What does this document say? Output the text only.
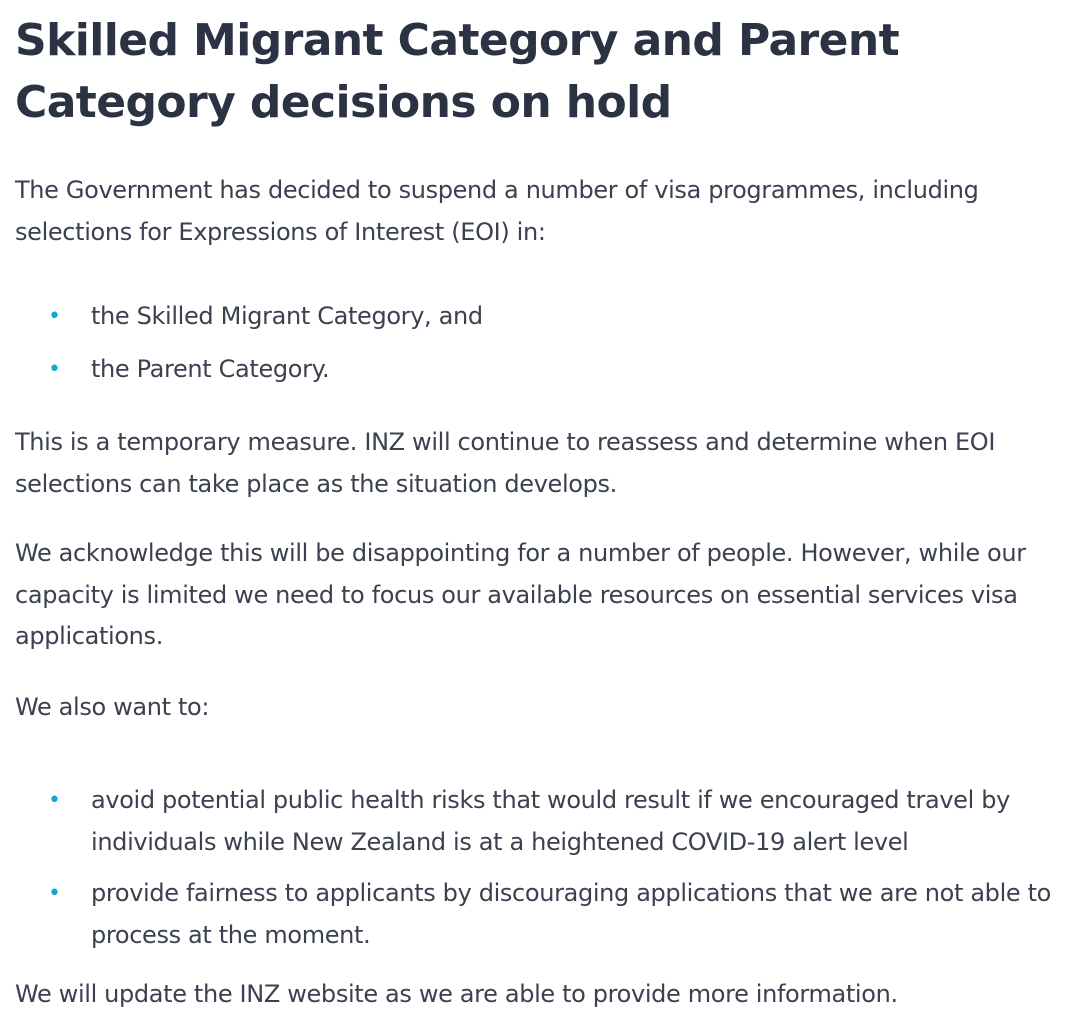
Skilled Migrant Category and Parent Category decisions on hold

The Government has decided to suspend a number of visa programmes, including selections for Expressions of Interest (EOI) in:

• the Skilled Migrant Category, and
• the Parent Category.

This is a temporary measure. INZ will continue to reassess and determine when EOI selections can take place as the situation develops.

We acknowledge this will be disappointing for a number of people. However, while our capacity is limited we need to focus our available resources on essential services visa applications.

We also want to:

• avoid potential public health risks that would result if we encouraged travel by individuals while New Zealand is at a heightened COVID-19 alert level
• provide fairness to applicants by discouraging applications that we are not able to process at the moment.

We will update the INZ website as we are able to provide more information.
